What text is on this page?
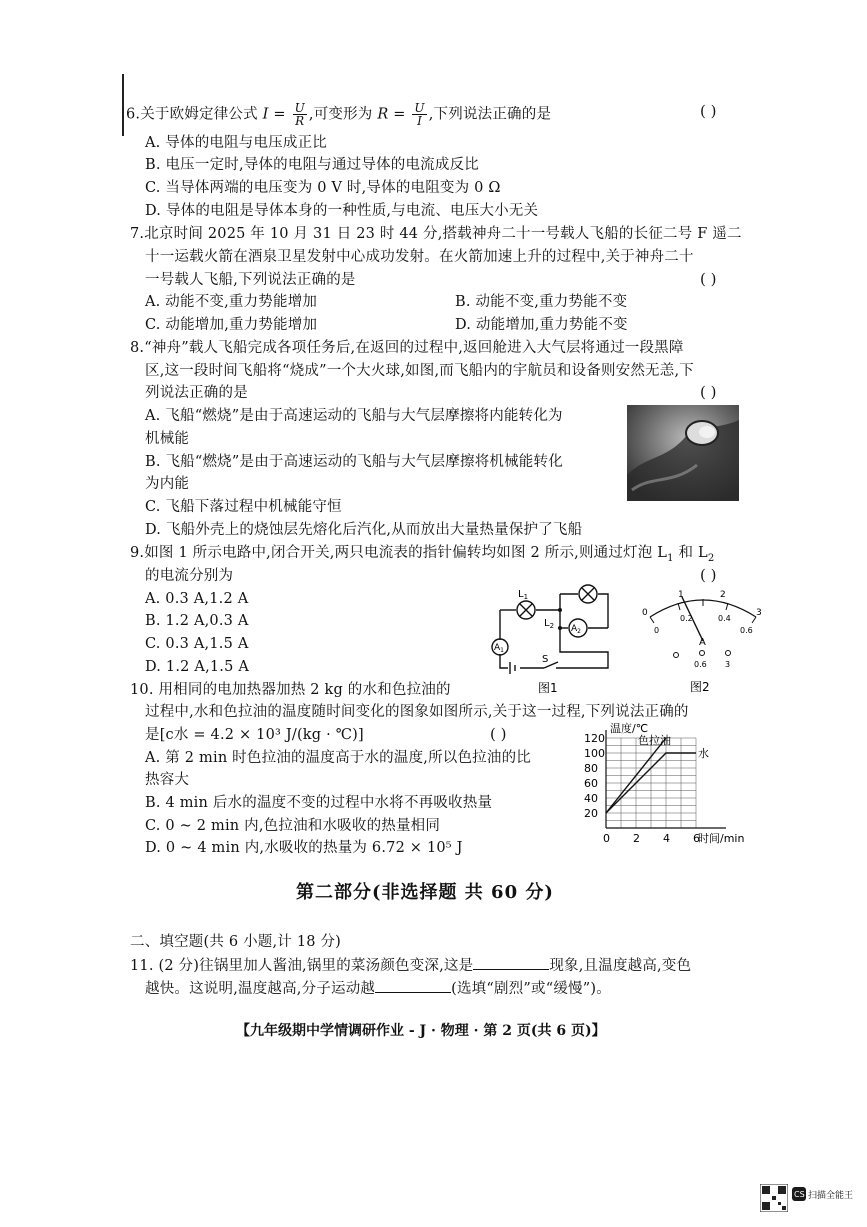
6.关于欧姆定律公式 $I = \frac{U}{R}$ ,可变形为 $R = \frac{U}{I}$ ,下列说法正确的是	( )
A. 导体的电阻与电压成正比
B. 电压一定时,导体的电阻与通过导体的电流成反比
C. 当导体两端的电压变为 0 V 时,导体的电阻变为 0 Ω
D. 导体的电阻是导体本身的一种性质,与电流、电压大小无关
7.北京时间 2025 年 10 月 31 日 23 时 44 分,搭载神舟二十一号载人飞船的长征二号 F 遥二
十一运载火箭在酒泉卫星发射中心成功发射。在火箭加速上升的过程中,关于神舟二十
一号载人飞船,下列说法正确的是	( )
A. 动能不变,重力势能增加	B. 动能不变,重力势能不变
C. 动能增加,重力势能增加	D. 动能增加,重力势能不变
8.“神舟”载人飞船完成各项任务后,在返回的过程中,返回舱进入大气层将通过一段黑障
区,这一段时间飞船将“烧成”一个大火球,如图,而飞船内的宇航员和设备则安然无恙,下
列说法正确的是	( )
A. 飞船“燃烧”是由于高速运动的飞船与大气层摩擦将内能转化为
机械能
B. 飞船“燃烧”是由于高速运动的飞船与大气层摩擦将机械能转化
为内能
C. 飞船下落过程中机械能守恒
D. 飞船外壳上的烧蚀层先熔化后汽化,从而放出大量热量保护了飞船
9.如图 1 所示电路中,闭合开关,两只电流表的指针偏转均如图 2 所示,则通过灯泡 $L_1$ 和 $L_2$
的电流分别为	( )
A. 0.3 A,1.2 A
B. 1.2 A,0.3 A
C. 0.3 A,1.5 A
D. 1.2 A,1.5 A
$L_1$
$L_2$
$A_1$
$A_2$
S
图1
0
1	2
3
0
0.2	0.4
0.6
A
0.6 3
图2
10. 用相同的电加热器加热 2 kg 的水和色拉油的
过程中,水和色拉油的温度随时间变化的图象如图所示,关于这一过程,下列说法正确的
是[c水 = 4.2 × 10³ J/(kg · ℃)]	( )
A. 第 2 min 时色拉油的温度高于水的温度,所以色拉油的比
热容大
B. 4 min 后水的温度不变的过程中水将不再吸收热量
C. 0 ~ 2 min 内,色拉油和水吸收的热量相同
D. 0 ~ 4 min 内,水吸收的热量为 6.72 × 10⁵ J
0 2 4 6
20
40
60
80
100
120
温度/℃
时间/min
色拉油
水
第二部分(非选择题 共 60 分)
二、填空题(共 6 小题,计 18 分)
11. (2 分)往锅里加人酱油,锅里的菜汤颜色变深,这是	现象,且温度越高,变色
越快。这说明,温度越高,分子运动越	(选填“剧烈”或“缓慢”)。
【九年级期中学情调研作业 - J · 物理 · 第 2 页(共 6 页)】
CS 扫描全能王
